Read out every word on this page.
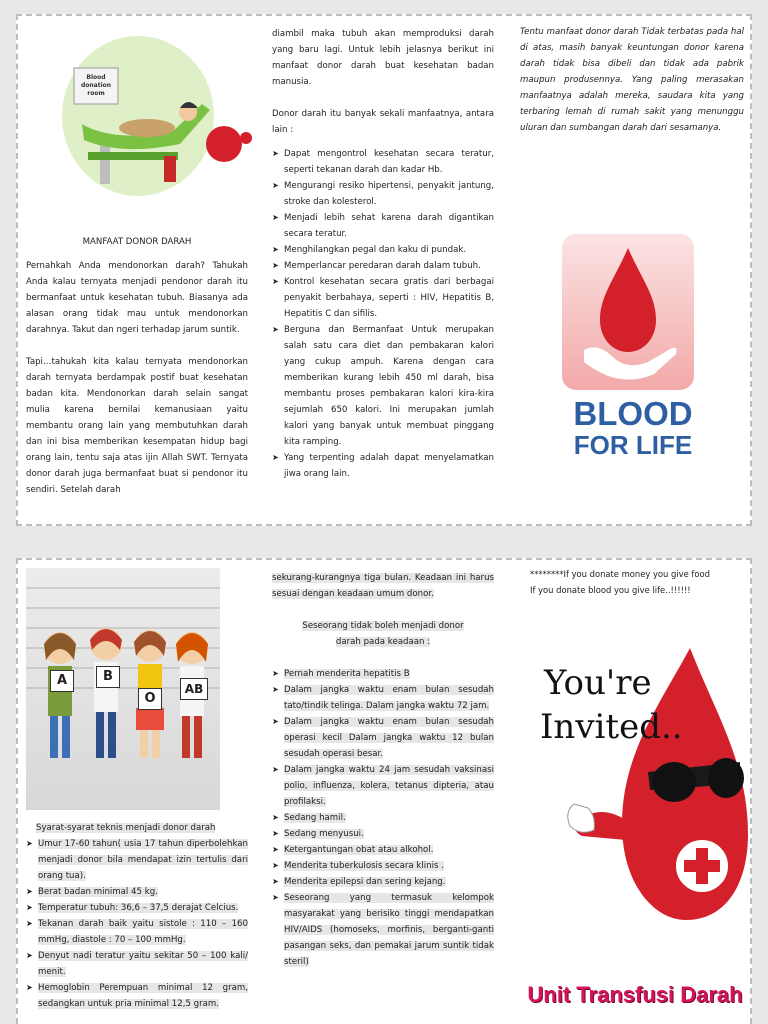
Blood donation room
MANFAAT DONOR DARAH

Pernahkah Anda mendonorkan darah? Tahukah Anda kalau ternyata menjadi pendonor darah itu bermanfaat untuk kesehatan tubuh. Biasanya ada alasan orang tidak mau untuk mendonorkan darahnya. Takut dan ngeri terhadap jarum suntik.

Tapi…tahukah kita kalau ternyata mendonorkan darah ternyata berdampak postif buat kesehatan badan kita. Mendonorkan darah selain sangat mulia karena bernilai kemanusiaan yaitu membantu orang lain yang membutuhkan darah dan ini bisa memberikan kesempatan hidup bagi orang lain, tentu saja atas ijin Allah SWT. Ternyata donor darah juga bermanfaat buat si pendonor itu sendiri. Setelah darah

diambil maka tubuh akan memproduksi darah yang baru lagi. Untuk lebih jelasnya berikut ini manfaat donor darah buat kesehatan badan manusia.

Donor darah itu banyak sekali manfaatnya, antara lain :

➤ Dapat mengontrol kesehatan secara teratur, seperti tekanan darah dan kadar Hb.
➤ Mengurangi resiko hipertensi, penyakit jantung, stroke dan kolesterol.
➤ Menjadi lebih sehat karena darah digantikan secara teratur.
➤ Menghilangkan pegal dan kaku di pundak.
➤ Memperlancar peredaran darah dalam tubuh.
➤ Kontrol kesehatan secara gratis dari berbagai penyakit berbahaya, seperti : HIV, Hepatitis B, Hepatitis C dan sifilis.
➤ Berguna dan Bermanfaat Untuk merupakan salah satu cara diet dan pembakaran kalori yang cukup ampuh. Karena dengan cara memberikan kurang lebih 450 ml darah, bisa membantu proses pembakaran kalori kira-kira sejumlah 650 kalori. Ini merupakan jumlah kalori yang banyak untuk membuat pinggang kita ramping.
➤ Yang terpenting adalah dapat menyelamatkan jiwa orang lain.

Tentu manfaat donor darah Tidak terbatas pada hal di atas, masih banyak keuntungan donor karena darah tidak bisa dibeli dan tidak ada pabrik maupun produsennya. Yang paling merasakan manfaatnya adalah mereka, saudara kita yang terbaring lemah di rumah sakit yang menunggu uluran dan sumbangan darah dari sesamanya.

BLOOD
FOR LIFE
A	B
O
AB
Syarat-syarat teknis menjadi donor darah
➤ Umur 17-60 tahun( usia 17 tahun diperbolehkan menjadi donor bila mendapat izin tertulis dari orang tua).
➤ Berat badan minimal 45 kg.
➤ Temperatur tubuh: 36,6 – 37,5 derajat Celcius.
➤ Tekanan darah baik yaitu sistole : 110 – 160 mmHg, diastole : 70 – 100 mmHg.
➤ Denyut nadi teratur yaitu sekitar 50 – 100 kali/ menit.
➤ Hemoglobin Perempuan minimal 12 gram, sedangkan untuk pria minimal 12,5 gram.

sekurang-kurangnya tiga bulan. Keadaan ini harus sesuai dengan keadaan umum donor.

Seseorang tidak boleh menjadi donor darah pada keadaan :

➤ Pernah menderita hepatitis B
➤ Dalam jangka waktu enam bulan sesudah tato/tindik telinga. Dalam jangka waktu 72 jam.
➤ Dalam jangka waktu enam bulan sesudah operasi kecil Dalam jangka waktu 12 bulan sesudah operasi besar.
➤ Dalam jangka waktu 24 jam sesudah vaksinasi polio, influenza, kolera, tetanus dipteria, atau profilaksi.
➤ Sedang hamil.
➤ Sedang menyusui.
➤ Ketergantungan obat atau alkohol.
➤ Menderita tuberkulosis secara klinis .
➤ Menderita epilepsi dan sering kejang.
➤ Seseorang yang termasuk kelompok masyarakat yang berisiko tinggi mendapatkan HIV/AIDS (homoseks, morfinis, berganti-ganti pasangan seks, dan pemakai jarum suntik tidak steril)
********If you donate money you give food
If you donate blood you give life..!!!!!!
You're
Invited..
Unit Transfusi Darah
